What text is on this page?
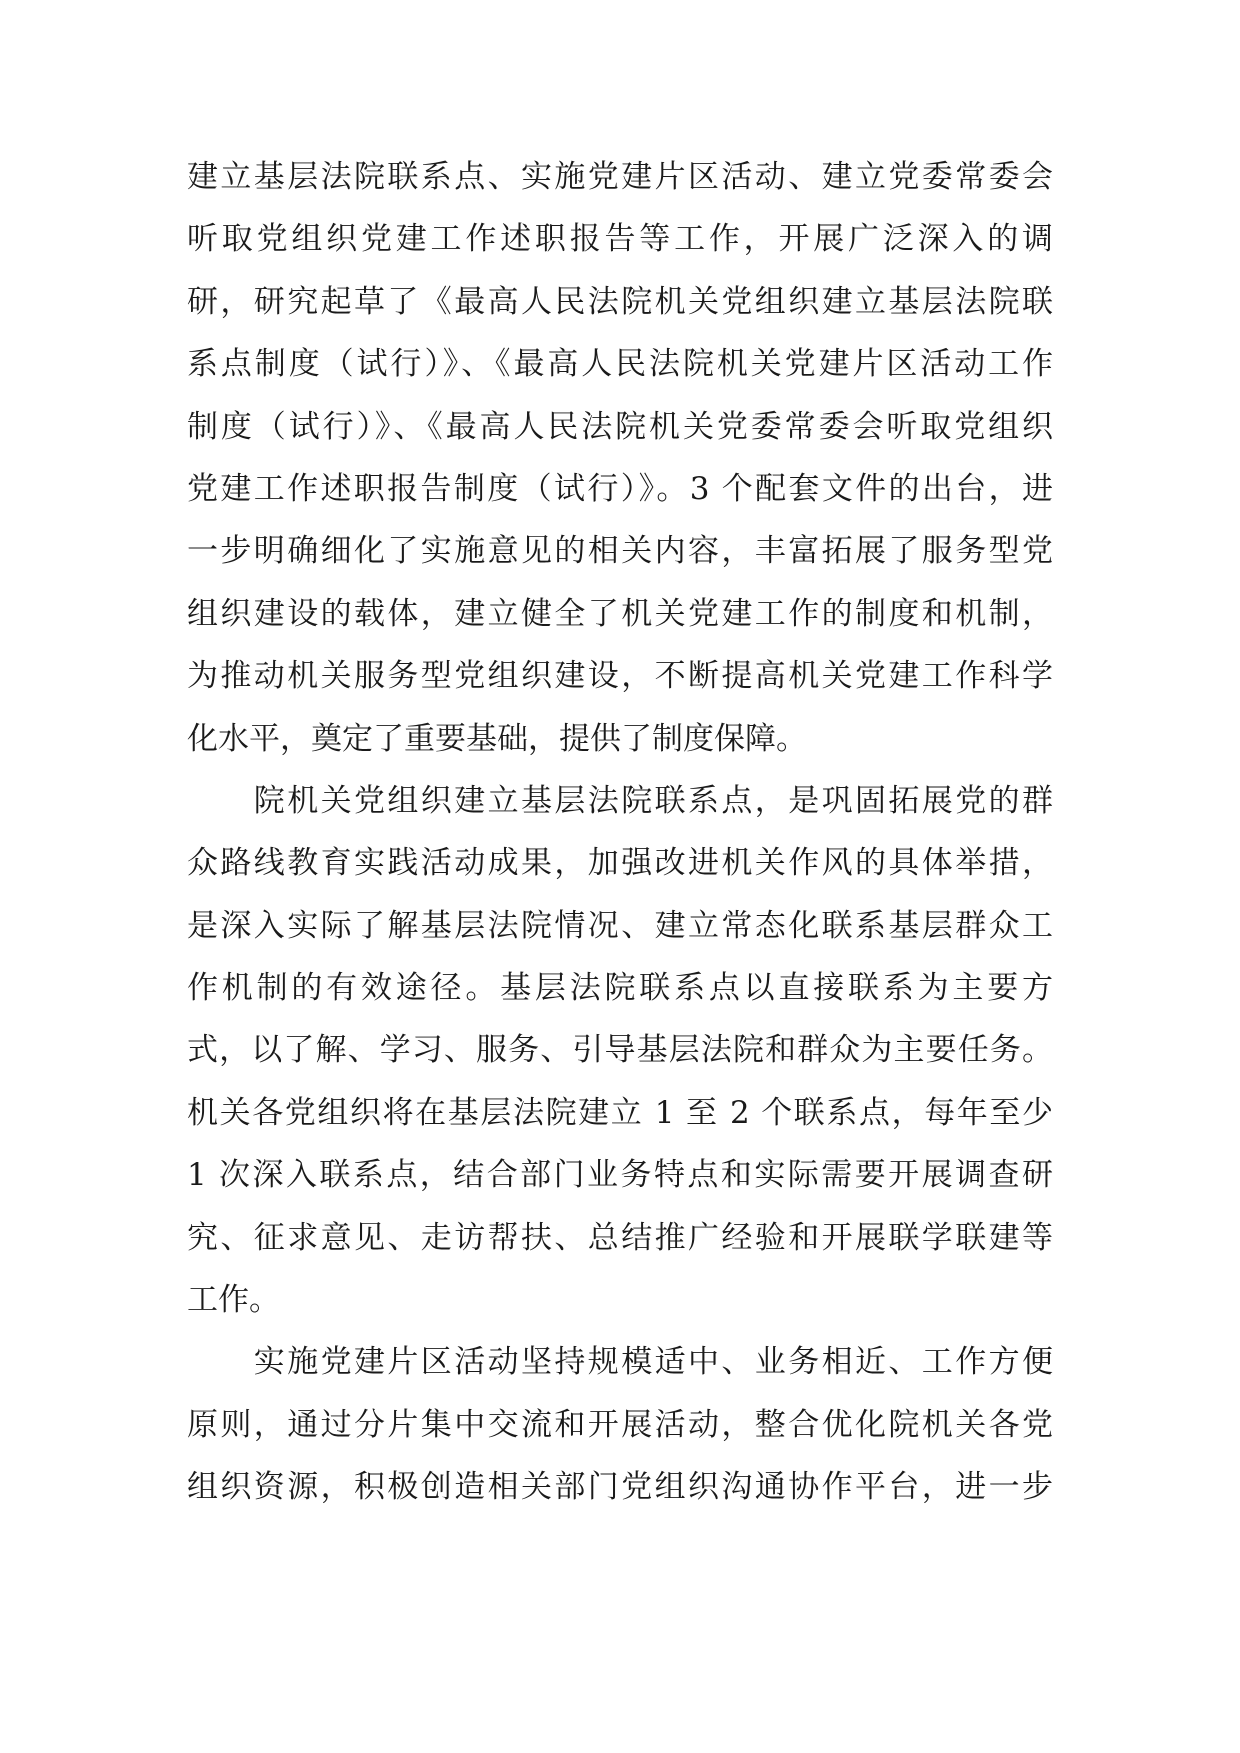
建立基层法院联系点、实施党建片区活动、建立党委常委会
听取党组织党建工作述职报告等工作，开展广泛深入的调
研，研究起草了《最高人民法院机关党组织建立基层法院联
系点制度（试行）》、《最高人民法院机关党建片区活动工作
制度（试行）》、《最高人民法院机关党委常委会听取党组织
党建工作述职报告制度（试行）》。3 个配套文件的出台，进
一步明确细化了实施意见的相关内容，丰富拓展了服务型党
组织建设的载体，建立健全了机关党建工作的制度和机制，
为推动机关服务型党组织建设，不断提高机关党建工作科学
化水平，奠定了重要基础，提供了制度保障。
　　院机关党组织建立基层法院联系点，是巩固拓展党的群
众路线教育实践活动成果，加强改进机关作风的具体举措，
是深入实际了解基层法院情况、建立常态化联系基层群众工
作机制的有效途径。基层法院联系点以直接联系为主要方
式，以了解、学习、服务、引导基层法院和群众为主要任务。
机关各党组织将在基层法院建立 1 至 2 个联系点，每年至少
1 次深入联系点，结合部门业务特点和实际需要开展调查研
究、征求意见、走访帮扶、总结推广经验和开展联学联建等
工作。
　　实施党建片区活动坚持规模适中、业务相近、工作方便
原则，通过分片集中交流和开展活动，整合优化院机关各党
组织资源，积极创造相关部门党组织沟通协作平台，进一步
